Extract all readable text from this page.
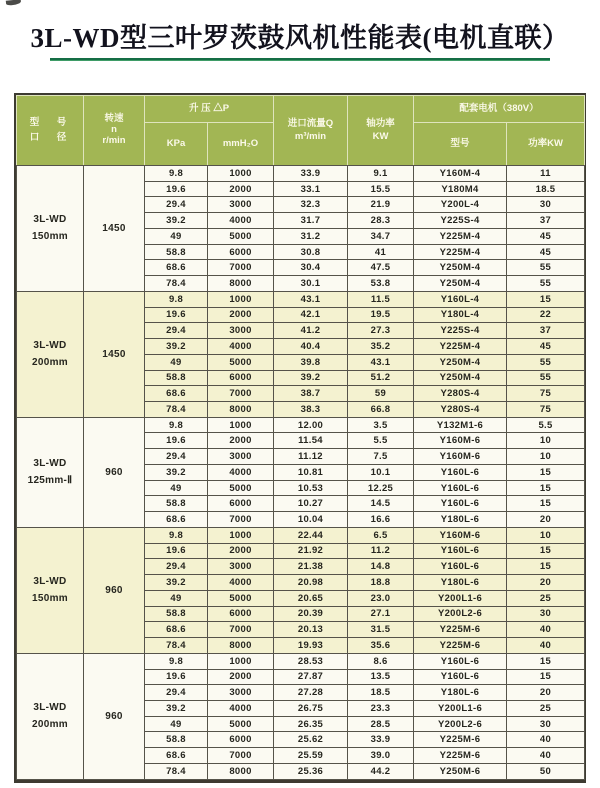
3L-WD型三叶罗茨鼓风机性能表(电机直联）
型　号
口　径

转速
n
r/min
	升 压 △P	
进口流量Q
m³/min

轴功率
KW
	配套电机（380V）
		KPa	mmH₂O			型号	功率KW

3L-WD
150mm	1450	9.8	1000	33.9	9.1	Y160M-4	11
		19.6	2000	33.1	15.5	Y180M4	18.5
		29.4	3000	32.3	21.9	Y200L-4	30
		39.2	4000	31.7	28.3	Y225S-4	37
		49	5000	31.2	34.7	Y225M-4	45
		58.8	6000	30.8	41	Y225M-4	45
		68.6	7000	30.4	47.5	Y250M-4	55
		78.4	8000	30.1	53.8	Y250M-4	55

3L-WD
200mm	1450	9.8	1000	43.1	11.5	Y160L-4	15
		19.6	2000	42.1	19.5	Y180L-4	22
		29.4	3000	41.2	27.3	Y225S-4	37
		39.2	4000	40.4	35.2	Y225M-4	45
		49	5000	39.8	43.1	Y250M-4	55
		58.8	6000	39.2	51.2	Y250M-4	55
		68.6	7000	38.7	59	Y280S-4	75
		78.4	8000	38.3	66.8	Y280S-4	75

3L-WD
125mm-Ⅱ	960	9.8	1000	12.00	3.5	Y132M1-6	5.5
		19.6	2000	11.54	5.5	Y160M-6	10
		29.4	3000	11.12	7.5	Y160M-6	10
		39.2	4000	10.81	10.1	Y160L-6	15
		49	5000	10.53	12.25	Y160L-6	15
		58.8	6000	10.27	14.5	Y160L-6	15
		68.6	7000	10.04	16.6	Y180L-6	20

3L-WD
150mm	960	9.8	1000	22.44	6.5	Y160M-6	10
		19.6	2000	21.92	11.2	Y160L-6	15
		29.4	3000	21.38	14.8	Y160L-6	15
		39.2	4000	20.98	18.8	Y180L-6	20
		49	5000	20.65	23.0	Y200L1-6	25
		58.8	6000	20.39	27.1	Y200L2-6	30
		68.6	7000	20.13	31.5	Y225M-6	40
		78.4	8000	19.93	35.6	Y225M-6	40

3L-WD
200mm	960	9.8	1000	28.53	8.6	Y160L-6	15
		19.6	2000	27.87	13.5	Y160L-6	15
		29.4	3000	27.28	18.5	Y180L-6	20
		39.2	4000	26.75	23.3	Y200L1-6	25
		49	5000	26.35	28.5	Y200L2-6	30
		58.8	6000	25.62	33.9	Y225M-6	40
		68.6	7000	25.59	39.0	Y225M-6	40
		78.4	8000	25.36	44.2	Y250M-6	50
